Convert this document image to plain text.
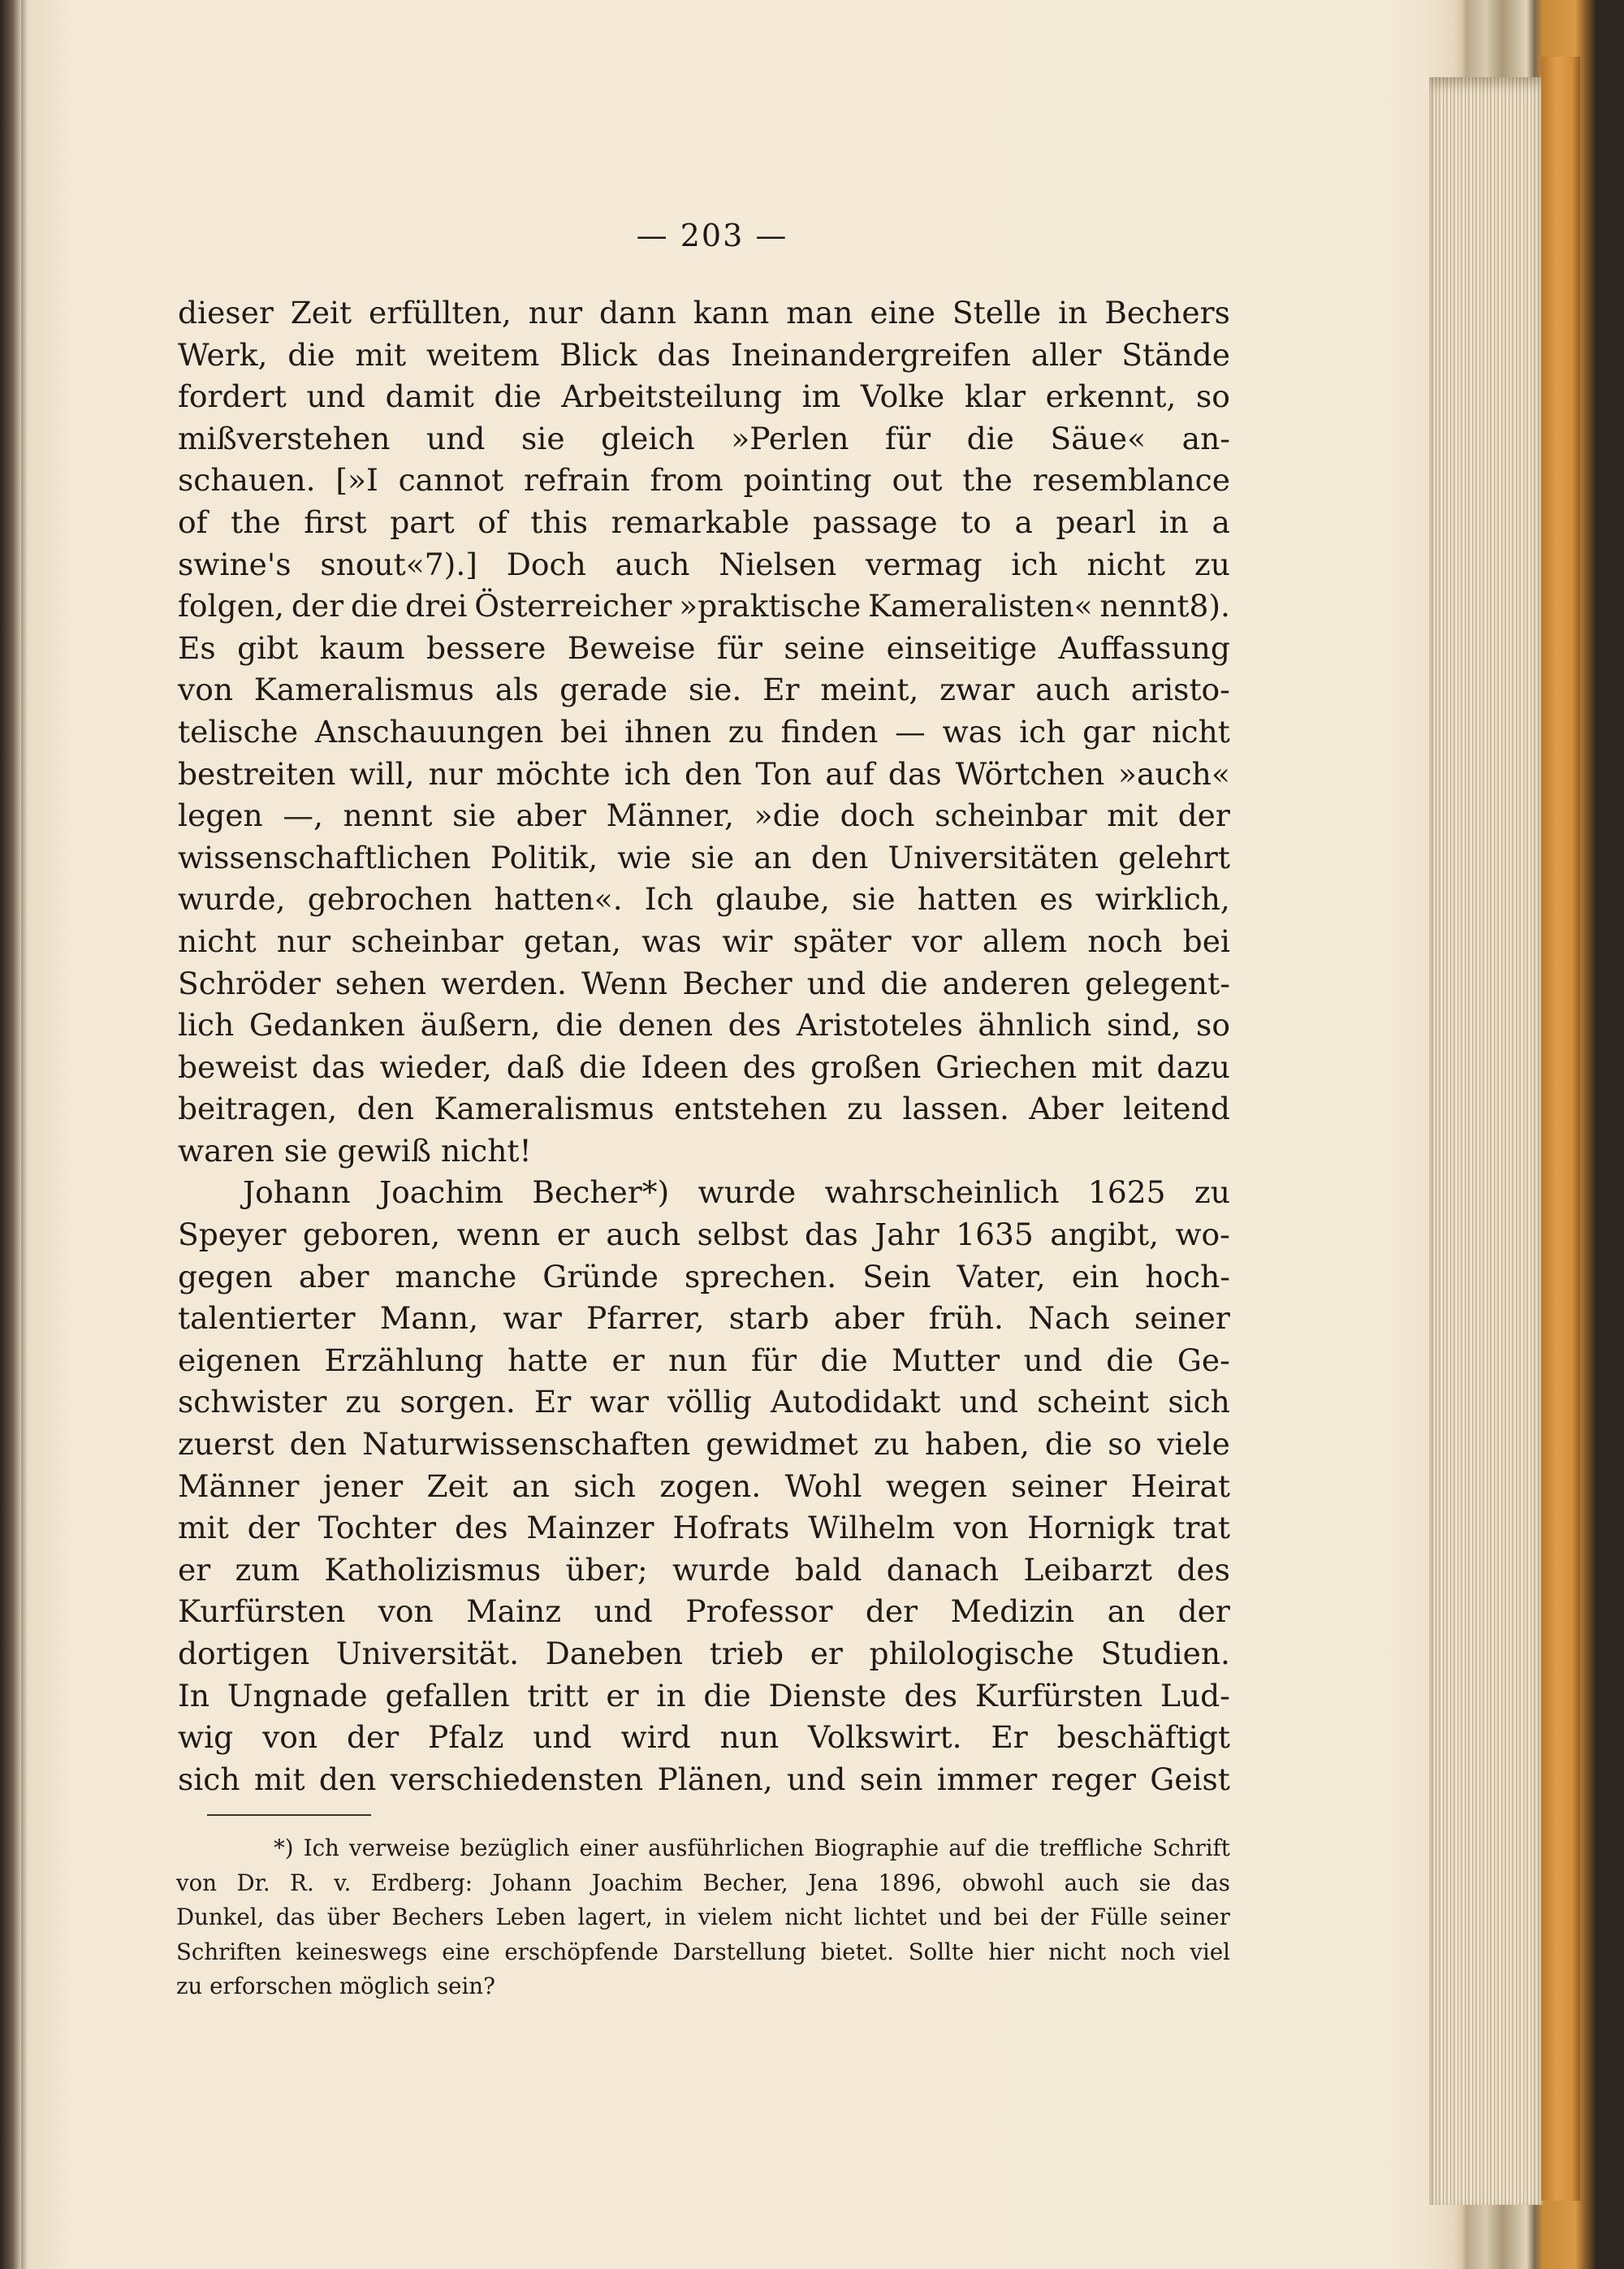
— 203 —
dieser Zeit erfüllten, nur dann kann man eine Stelle in Bechers
Werk, die mit weitem Blick das Ineinandergreifen aller Stände
fordert und damit die Arbeitsteilung im Volke klar erkennt, so
mißverstehen und sie gleich »Perlen für die Säue« an-
schauen. [»I cannot refrain from pointing out the resemblance
of the first part of this remarkable passage to a pearl in a
swine's snout«7).] Doch auch Nielsen vermag ich nicht zu
folgen, der die drei Österreicher »praktische Kameralisten« nennt8).
Es gibt kaum bessere Beweise für seine einseitige Auffassung
von Kameralismus als gerade sie. Er meint, zwar auch aristo-
telische Anschauungen bei ihnen zu finden — was ich gar nicht
bestreiten will, nur möchte ich den Ton auf das Wörtchen »auch«
legen —, nennt sie aber Männer, »die doch scheinbar mit der
wissenschaftlichen Politik, wie sie an den Universitäten gelehrt
wurde, gebrochen hatten«. Ich glaube, sie hatten es wirklich,
nicht nur scheinbar getan, was wir später vor allem noch bei
Schröder sehen werden. Wenn Becher und die anderen gelegent-
lich Gedanken äußern, die denen des Aristoteles ähnlich sind, so
beweist das wieder, daß die Ideen des großen Griechen mit dazu
beitragen, den Kameralismus entstehen zu lassen. Aber leitend
waren sie gewiß nicht!
Johann Joachim Becher*) wurde wahrscheinlich 1625 zu
Speyer geboren, wenn er auch selbst das Jahr 1635 angibt, wo-
gegen aber manche Gründe sprechen. Sein Vater, ein hoch-
talentierter Mann, war Pfarrer, starb aber früh. Nach seiner
eigenen Erzählung hatte er nun für die Mutter und die Ge-
schwister zu sorgen. Er war völlig Autodidakt und scheint sich
zuerst den Naturwissenschaften gewidmet zu haben, die so viele
Männer jener Zeit an sich zogen. Wohl wegen seiner Heirat
mit der Tochter des Mainzer Hofrats Wilhelm von Hornigk trat
er zum Katholizismus über; wurde bald danach Leibarzt des
Kurfürsten von Mainz und Professor der Medizin an der
dortigen Universität. Daneben trieb er philologische Studien.
In Ungnade gefallen tritt er in die Dienste des Kurfürsten Lud-
wig von der Pfalz und wird nun Volkswirt. Er beschäftigt
sich mit den verschiedensten Plänen, und sein immer reger Geist
*) Ich verweise bezüglich einer ausführlichen Biographie auf die treffliche Schrift
von Dr. R. v. Erdberg: Johann Joachim Becher, Jena 1896, obwohl auch sie das
Dunkel, das über Bechers Leben lagert, in vielem nicht lichtet und bei der Fülle seiner
Schriften keineswegs eine erschöpfende Darstellung bietet. Sollte hier nicht noch viel
zu erforschen möglich sein?
